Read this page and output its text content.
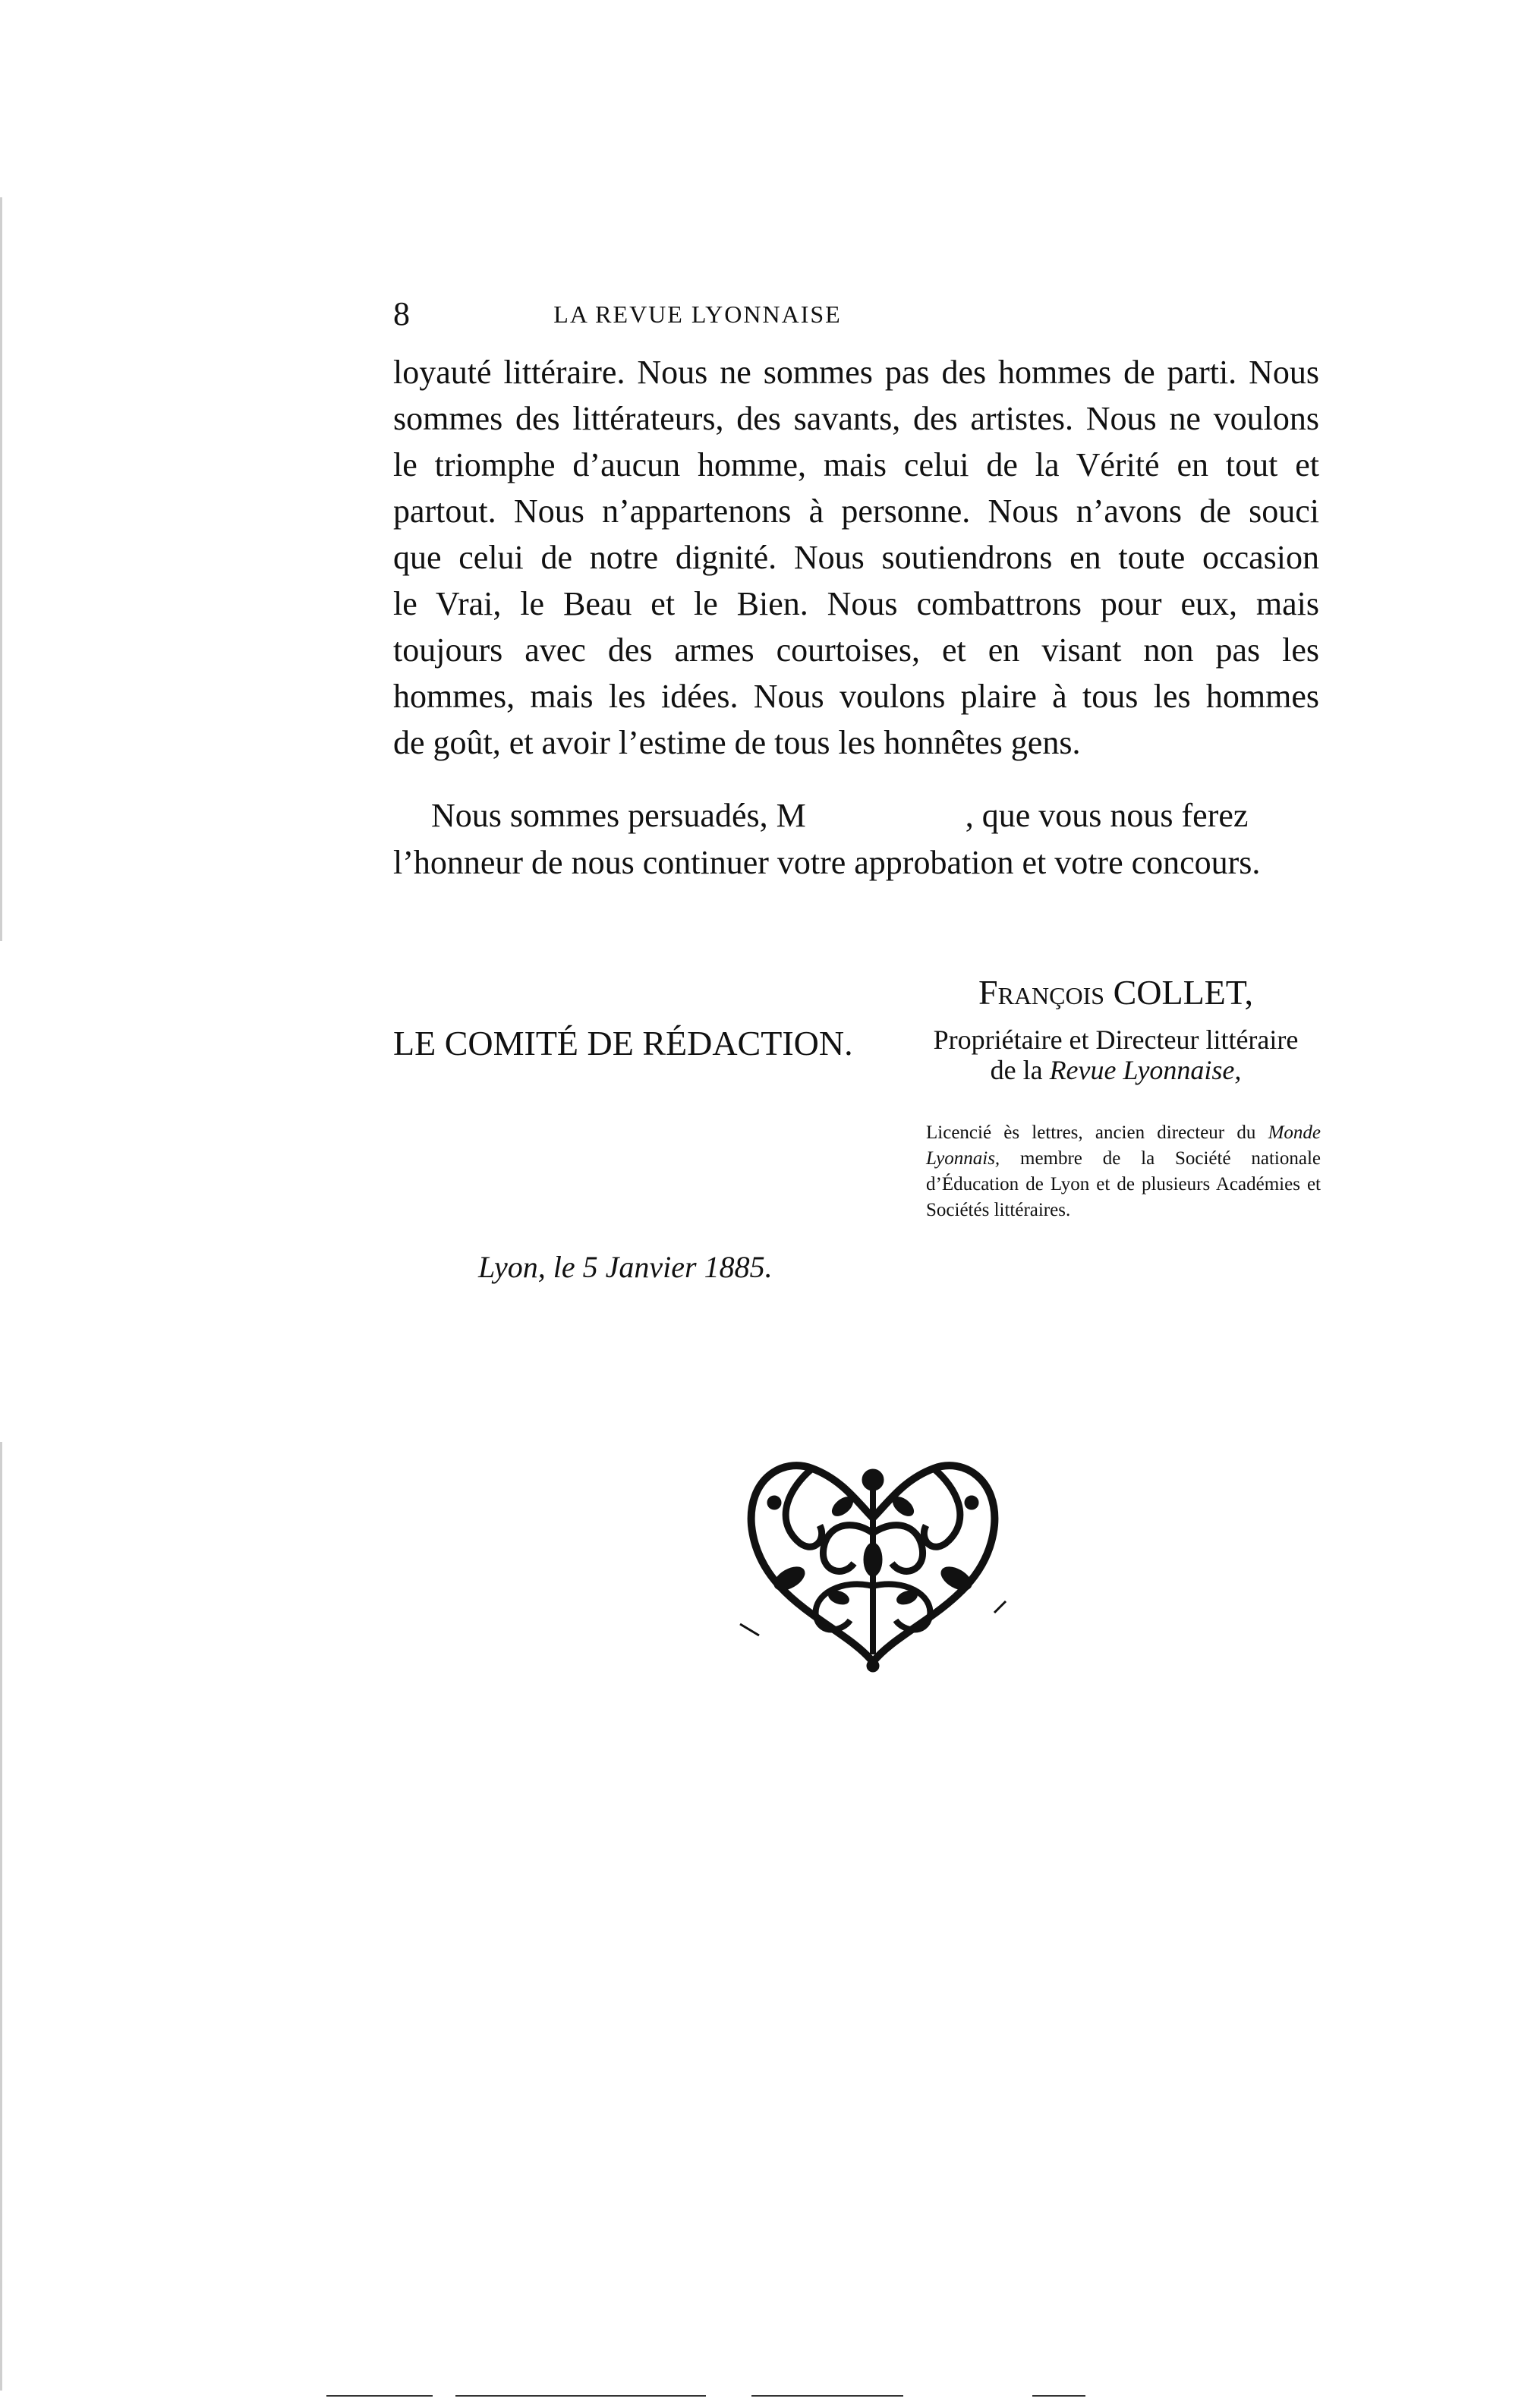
8	LA REVUE LYONNAISE
loyauté littéraire. Nous ne sommes pas des hommes de parti. Nous
sommes des littérateurs, des savants, des artistes. Nous ne voulons
le triomphe d’aucun homme, mais celui de la Vérité en tout et
partout. Nous n’appartenons à personne. Nous n’avons de souci
que celui de notre dignité. Nous soutiendrons en toute occasion
le Vrai, le Beau et le Bien. Nous combattrons pour eux, mais
toujours avec des armes courtoises, et en visant non pas les
hommes, mais les idées. Nous voulons plaire à tous les hommes
de goût, et avoir l’estime de tous les honnêtes gens.
Nous sommes persuadés, M	, que vous nous ferez
l’honneur de nous continuer votre approbation et votre concours.
LE COMITÉ DE RÉDACTION.
François COLLET,
Propriétaire et Directeur littéraire
de la Revue Lyonnaise,
Licencié ès lettres, ancien directeur du Monde Lyonnais, membre de la Société nationale d’Éducation de Lyon et de plusieurs Académies et Sociétés littéraires.
Lyon, le 5 Janvier 1885.
